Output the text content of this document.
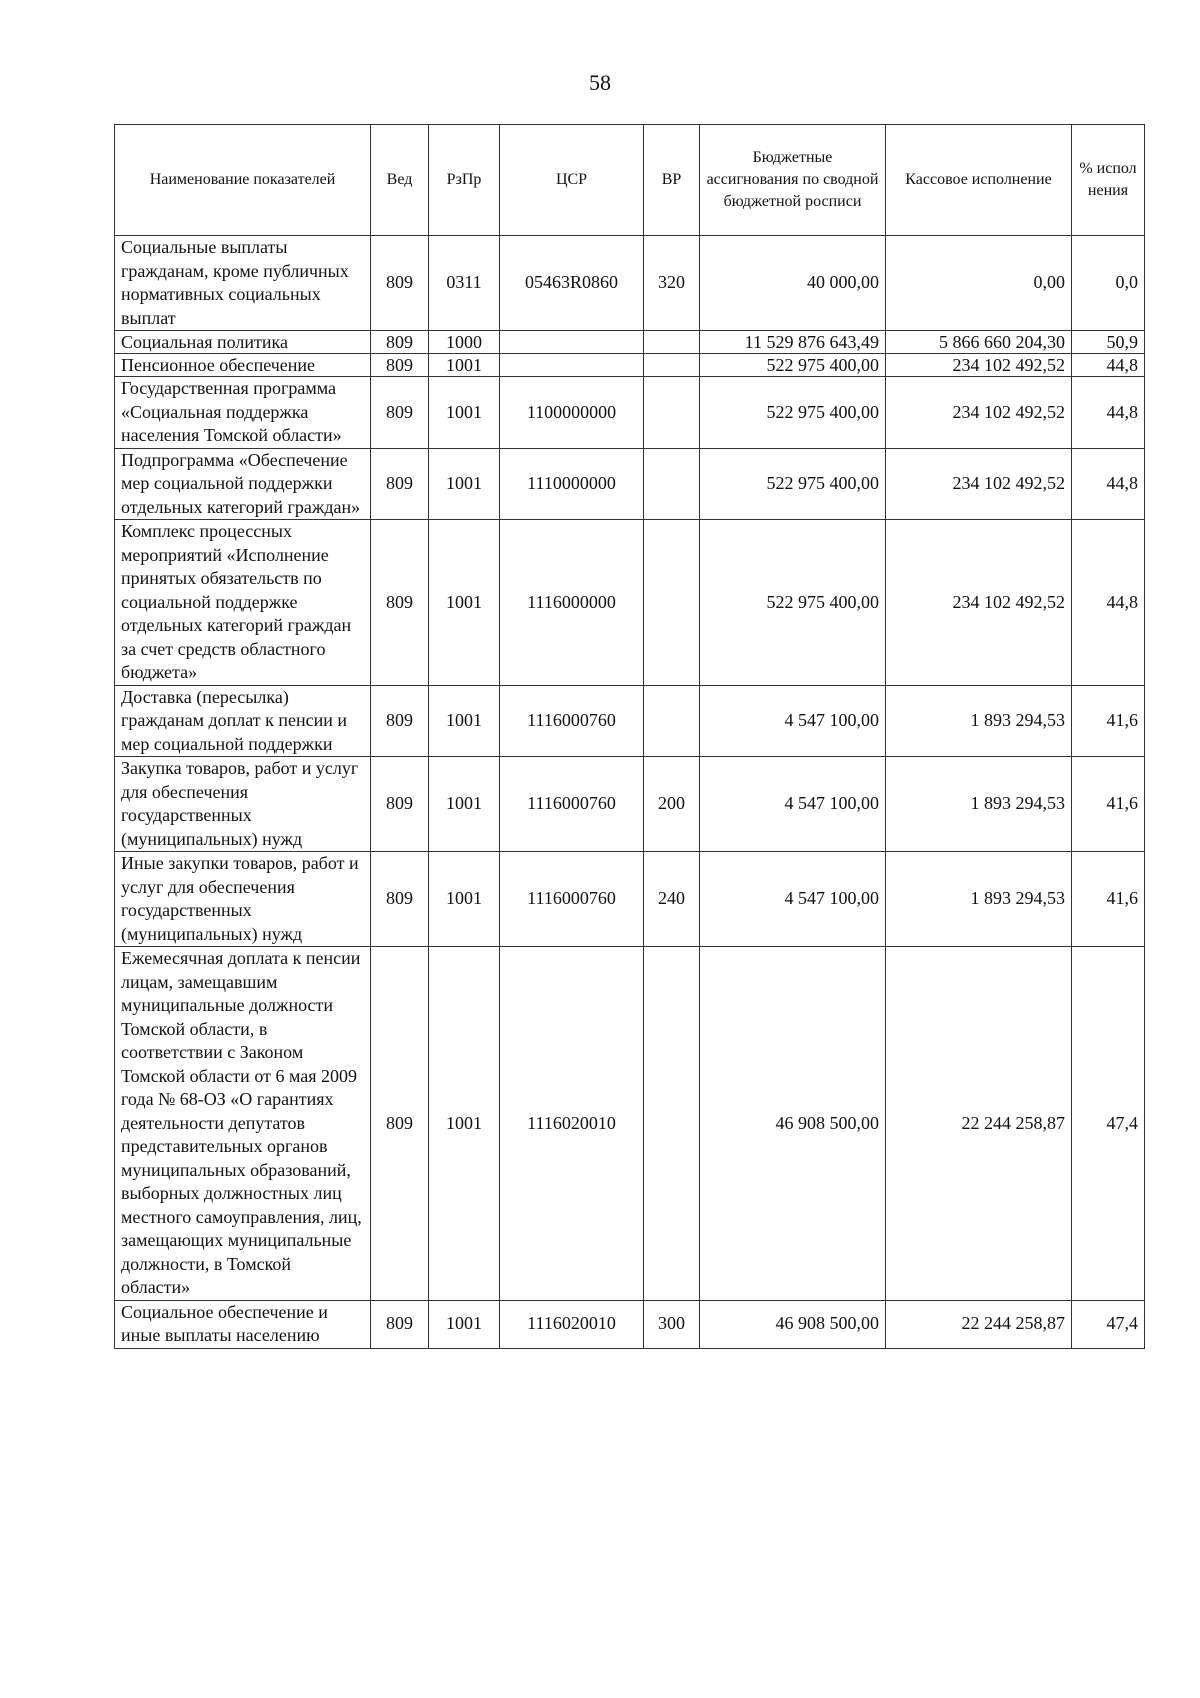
58
Наименование показателей	Вед	РзПр	ЦСР	ВР	Бюджетные ассигнования по сводной бюджетной росписи	Кассовое исполнение	% испол нения
Социальные выплаты гражданам, кроме публичных нормативных социальных выплат	809	0311	05463R0860	320	40 000,00	0,00	0,0
Социальная политика	809	1000			11 529 876 643,49	5 866 660 204,30	50,9
Пенсионное обеспечение	809	1001			522 975 400,00	234 102 492,52	44,8
Государственная программа «Социальная поддержка населения Томской области»	809	1001	1100000000		522 975 400,00	234 102 492,52	44,8
Подпрограмма «Обеспечение мер социальной поддержки отдельных категорий граждан»	809	1001	1110000000		522 975 400,00	234 102 492,52	44,8
Комплекс процессных мероприятий «Исполнение принятых обязательств по социальной поддержке отдельных категорий граждан за счет средств областного бюджета»	809	1001	1116000000		522 975 400,00	234 102 492,52	44,8
Доставка (пересылка) гражданам доплат к пенсии и мер социальной поддержки	809	1001	1116000760		4 547 100,00	1 893 294,53	41,6
Закупка товаров, работ и услуг для обеспечения государственных (муниципальных) нужд	809	1001	1116000760	200	4 547 100,00	1 893 294,53	41,6
Иные закупки товаров, работ и услуг для обеспечения государственных (муниципальных) нужд	809	1001	1116000760	240	4 547 100,00	1 893 294,53	41,6
Ежемесячная доплата к пенсии лицам, замещавшим муниципальные должности Томской области, в соответствии с Законом Томской области от 6 мая 2009 года № 68-ОЗ «О гарантиях деятельности депутатов представительных органов муниципальных образований, выборных должностных лиц местного самоуправления, лиц, замещающих муниципальные должности, в Томской области»	809	1001	1116020010		46 908 500,00	22 244 258,87	47,4
Социальное обеспечение и иные выплаты населению	809	1001	1116020010	300	46 908 500,00	22 244 258,87	47,4
